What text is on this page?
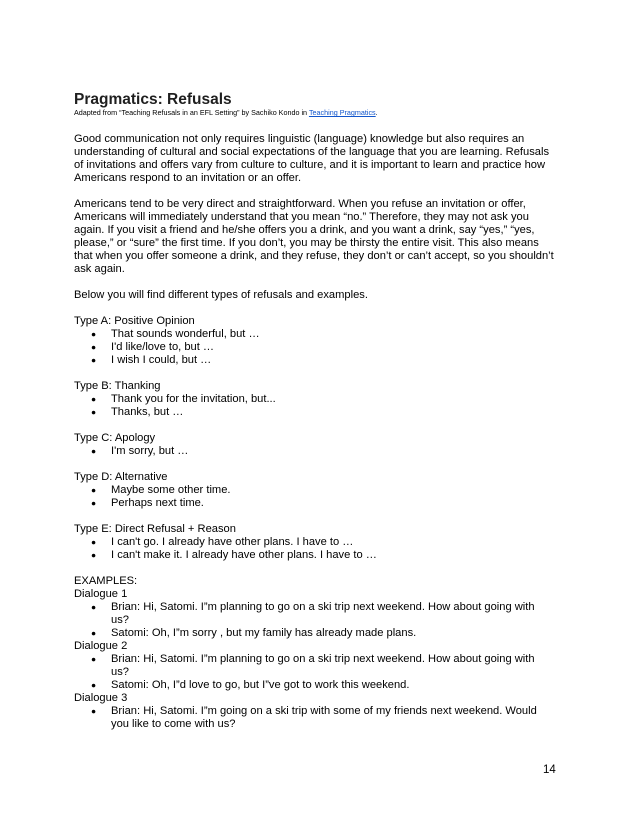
Pragmatics: Refusals
Adapted from “Teaching Refusals in an EFL Setting” by Sachiko Kondo in Teaching Pragmatics.

Good communication not only requires linguistic (language) knowledge but also requires an understanding of cultural and social expectations of the language that you are learning. Refusals of invitations and offers vary from culture to culture, and it is important to learn and practice how Americans respond to an invitation or an offer.

Americans tend to be very direct and straightforward. When you refuse an invitation or offer, Americans will immediately understand that you mean “no.” Therefore, they may not ask you again. If you visit a friend and he/she offers you a drink, and you want a drink, say “yes,” “yes, please,” or “sure” the first time. If you don’t, you may be thirsty the entire visit. This also means that when you offer someone a drink, and they refuse, they don’t or can’t accept, so you shouldn’t ask again.

Below you will find different types of refusals and examples.

Type A: Positive Opinion
● That sounds wonderful, but …
● I'd like/love to, but …
● I wish I could, but …
Type B: Thanking
● Thank you for the invitation, but...
● Thanks, but …
Type C: Apology
● I'm sorry, but …
Type D: Alternative
● Maybe some other time.
● Perhaps next time.
Type E: Direct Refusal + Reason
● I can't go. I already have other plans. I have to …
● I can't make it. I already have other plans. I have to …
EXAMPLES:
Dialogue 1
● Brian: Hi, Satomi. I”m planning to go on a ski trip next weekend. How about going with us?
● Satomi: Oh, I”m sorry , but my family has already made plans.
Dialogue 2
● Brian: Hi, Satomi. I”m planning to go on a ski trip next weekend. How about going with us?
● Satomi: Oh, I”d love to go, but I”ve got to work this weekend.
Dialogue 3
● Brian: Hi, Satomi. I”m going on a ski trip with some of my friends next weekend. Would you like to come with us?
14
